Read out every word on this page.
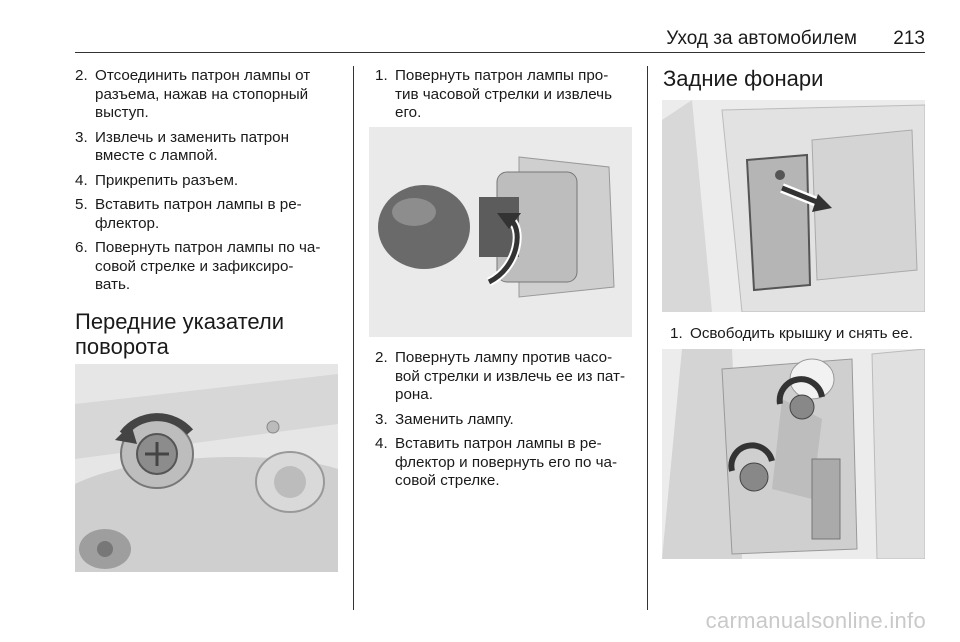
Уход за автомобилем 213
2. Отсоединить патрон лампы от
разъема, нажав на стопорный
выступ.
3. Извлечь и заменить патрон
вместе с лампой.
4. Прикрепить разъем.
5. Вставить патрон лампы в ре-
флектор.
6. Повернуть патрон лампы по ча-
совой стрелке и зафиксиро-
вать.
Передние указатели
поворота
1. Повернуть патрон лампы про-
тив часовой стрелки и извлечь
его.
2. Повернуть лампу против часо-
вой стрелки и извлечь ее из пат-
рона.
3. Заменить лампу.
4. Вставить патрон лампы в ре-
флектор и повернуть его по ча-
совой стрелке.
Задние фонари
1. Освободить крышку и снять ее.
carmanualsonline.info
